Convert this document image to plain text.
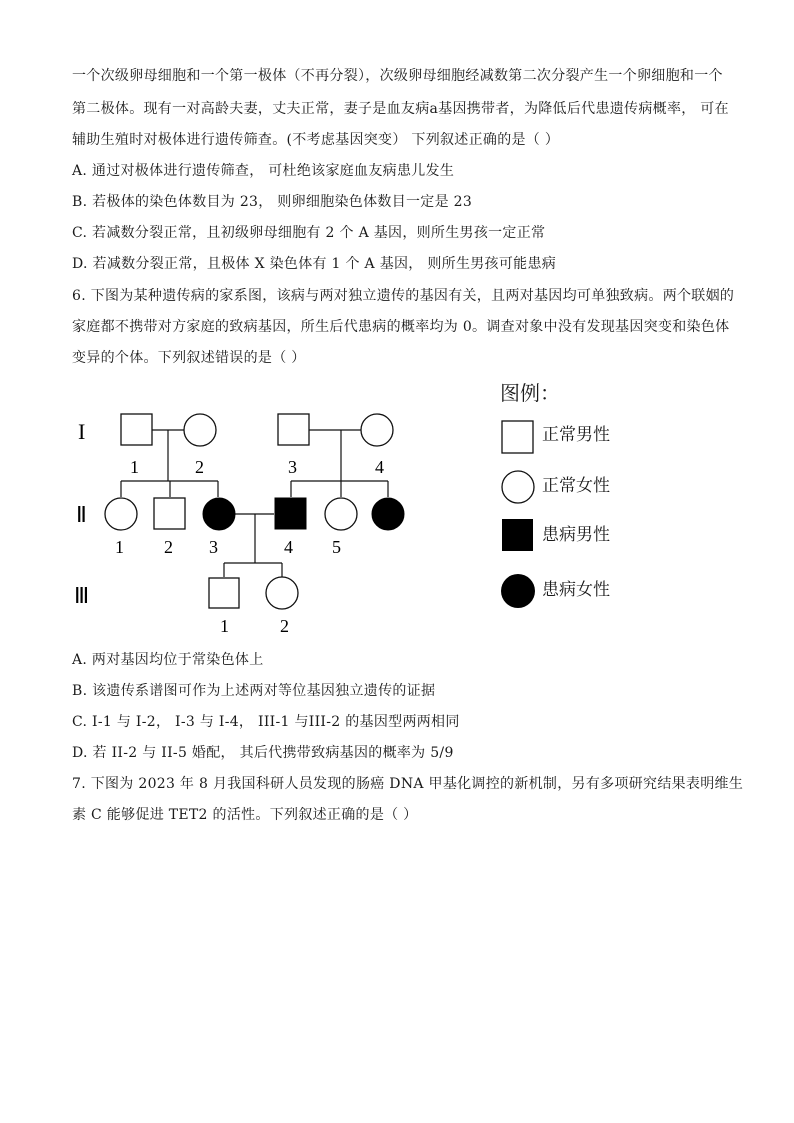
一个次级卵母细胞和一个第一极体（不再分裂），次级卵母细胞经减数第二次分裂产生一个卵细胞和一个
第二极体。现有一对高龄夫妻，丈夫正常，妻子是血友病a基因携带者，为降低后代患遗传病概率， 可在
辅助生殖时对极体进行遗传筛查。(不考虑基因突变） 下列叙述正确的是（ ）
A. 通过对极体进行遗传筛查， 可杜绝该家庭血友病患儿发生
B. 若极体的染色体数目为 23， 则卵细胞染色体数目一定是 23
C. 若减数分裂正常，且初级卵母细胞有 2 个 A 基因，则所生男孩一定正常
D. 若减数分裂正常，且极体 X 染色体有 1 个 A 基因， 则所生男孩可能患病
6. 下图为某种遗传病的家系图，该病与两对独立遗传的基因有关，且两对基因均可单独致病。两个联姻的
家庭都不携带对方家庭的致病基因，所生后代患病的概率均为 0。调查对象中没有发现基因突变和染色体
变异的个体。下列叙述错误的是（ ）
I
Ⅱ
Ⅲ
1	2	3	4
1 2 3	4 5
1	2
图例：
正常男性
正常女性
患病男性
患病女性
A. 两对基因均位于常染色体上
B. 该遗传系谱图可作为上述两对等位基因独立遗传的证据
C. I-1 与 I-2， I-3 与 I-4， III-1 与III-2 的基因型两两相同
D. 若 II-2 与 II-5 婚配， 其后代携带致病基因的概率为 5/9
7. 下图为 2023 年 8 月我国科研人员发现的肠癌 DNA 甲基化调控的新机制，另有多项研究结果表明维生
素 C 能够促进 TET2 的活性。下列叙述正确的是（ ）
